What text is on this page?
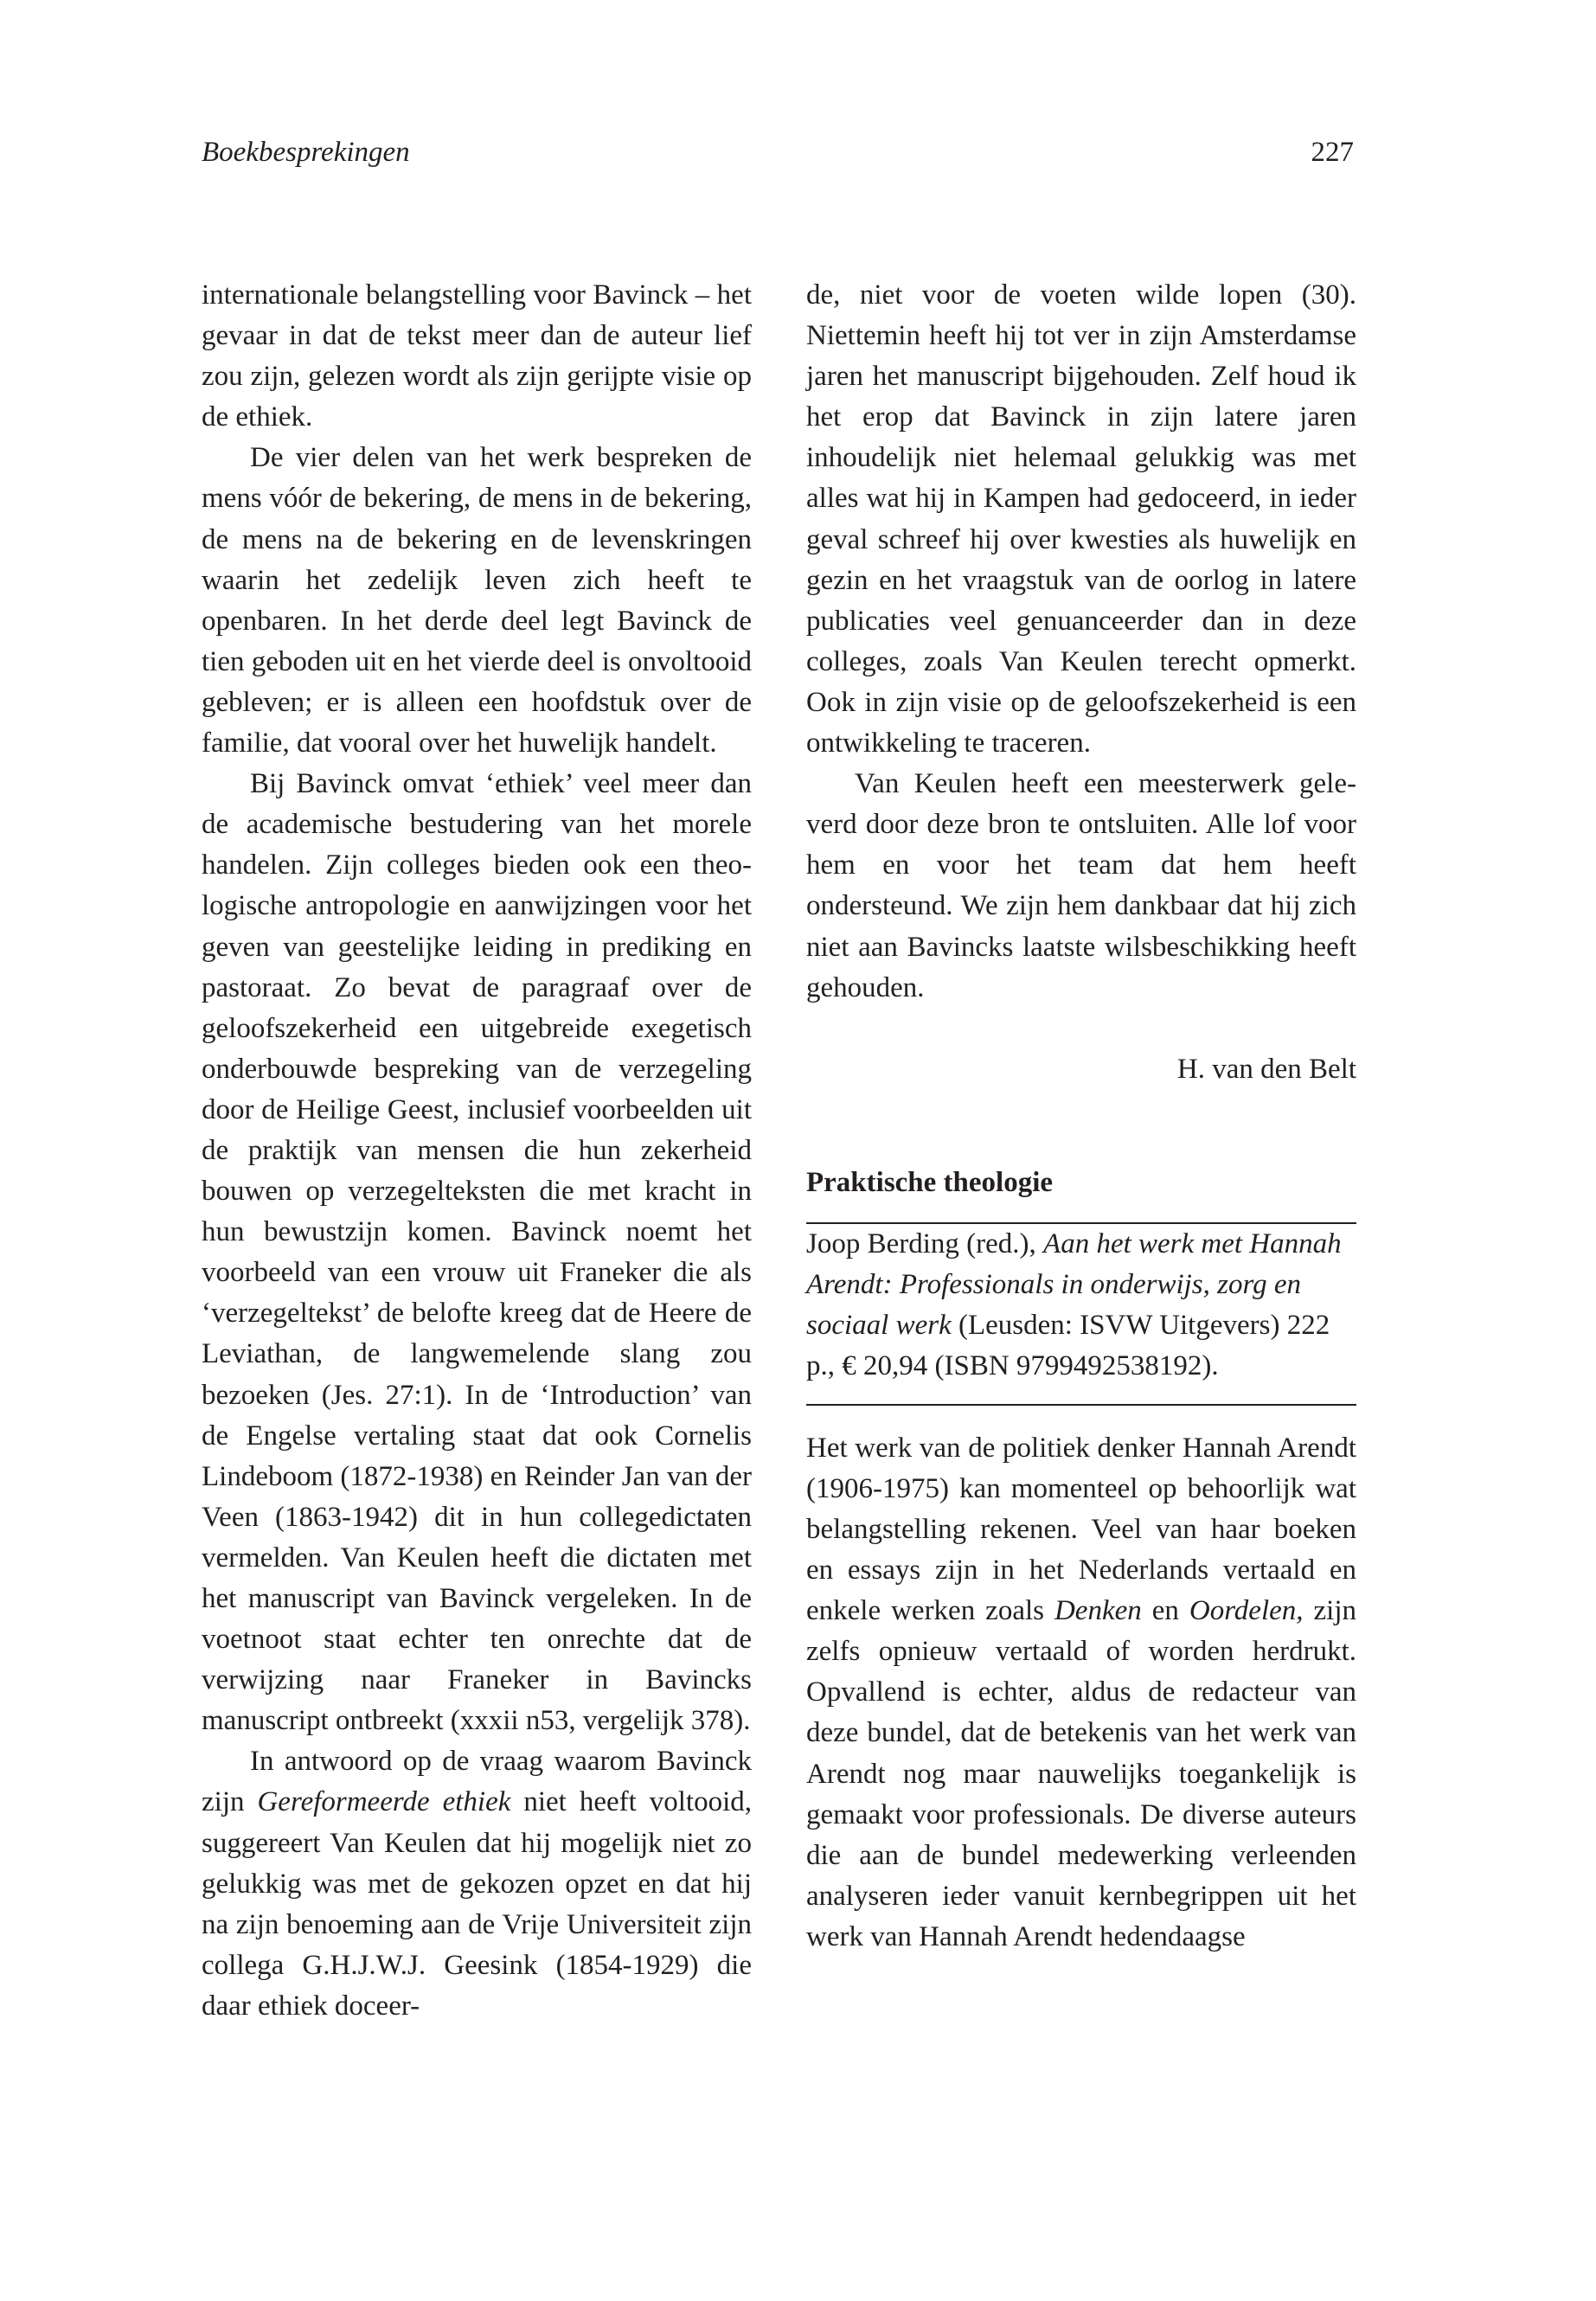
Boekbesprekingen	227

internationale belangstelling voor Bavinck – het gevaar in dat de tekst meer dan de auteur lief zou zijn, gelezen wordt als zijn gerijpte visie op de ethiek.

De vier delen van het werk bespreken de mens vóór de bekering, de mens in de bekering, de mens na de bekering en de levenskringen waarin het zedelijk leven zich heeft te openbaren. In het derde deel legt Bavinck de tien geboden uit en het vierde deel is onvoltooid gebleven; er is alleen een hoofdstuk over de familie, dat vooral over het huwelijk handelt.

Bij Bavinck omvat ‘ethiek’ veel meer dan de academische bestudering van het morele handelen. Zijn colleges bieden ook een theologische antropologie en aanwijzingen voor het geven van geestelijke leiding in prediking en pastoraat. Zo bevat de paragraaf over de geloofszekerheid een uitgebreide exegetisch onderbouwde bespreking van de verzegeling door de Heilige Geest, inclusief voorbeelden uit de praktijk van mensen die hun zekerheid bouwen op verzegelteksten die met kracht in hun bewustzijn komen. Bavinck noemt het voorbeeld van een vrouw uit Franeker die als ‘verzegeltekst’ de belofte kreeg dat de Heere de Leviathan, de langwemelende slang zou bezoeken (Jes. 27:1). In de ‘Introduction’ van de Engelse vertaling staat dat ook Cornelis Lindeboom (1872-1938) en Reinder Jan van der Veen (1863-1942) dit in hun collegedictaten vermelden. Van Keulen heeft die dictaten met het manuscript van Bavinck vergeleken. In de voetnoot staat echter ten onrechte dat de verwijzing naar Franeker in Bavincks manuscript ontbreekt (xxxii n53, vergelijk 378).

In antwoord op de vraag waarom Bavinck zijn Gereformeerde ethiek niet heeft voltooid, suggereert Van Keulen dat hij mogelijk niet zo gelukkig was met de gekozen opzet en dat hij na zijn benoeming aan de Vrije Universiteit zijn collega G.H.J.W.J. Geesink (1854-1929) die daar ethiek doceer-

de, niet voor de voeten wilde lopen (30). Niettemin heeft hij tot ver in zijn Amsterdamse jaren het manuscript bijgehouden. Zelf houd ik het erop dat Bavinck in zijn latere jaren inhoudelijk niet helemaal gelukkig was met alles wat hij in Kampen had gedoceerd, in ieder geval schreef hij over kwesties als huwelijk en gezin en het vraagstuk van de oorlog in latere publicaties veel genuanceerder dan in deze colleges, zoals Van Keulen terecht opmerkt. Ook in zijn visie op de geloofszekerheid is een ontwikkeling te traceren.

Van Keulen heeft een meesterwerk geleverd door deze bron te ontsluiten. Alle lof voor hem en voor het team dat hem heeft ondersteund. We zijn hem dankbaar dat hij zich niet aan Bavincks laatste wilsbeschikking heeft gehouden.

H. van den Belt

Praktische theologie

Joop Berding (red.), Aan het werk met Hannah Arendt: Professionals in onderwijs, zorg en sociaal werk (Leusden: ISVW Uitgevers) 222 p., € 20,94 (ISBN 9799492538192).

Het werk van de politiek denker Hannah Arendt (1906-1975) kan momenteel op behoorlijk wat belangstelling rekenen. Veel van haar boeken en essays zijn in het Nederlands vertaald en enkele werken zoals Denken en Oordelen, zijn zelfs opnieuw vertaald of worden herdrukt. Opvallend is echter, aldus de redacteur van deze bundel, dat de betekenis van het werk van Arendt nog maar nauwelijks toegankelijk is gemaakt voor professionals. De diverse auteurs die aan de bundel medewerking verleenden analyseren ieder vanuit kernbegrippen uit het werk van Hannah Arendt hedendaagse
